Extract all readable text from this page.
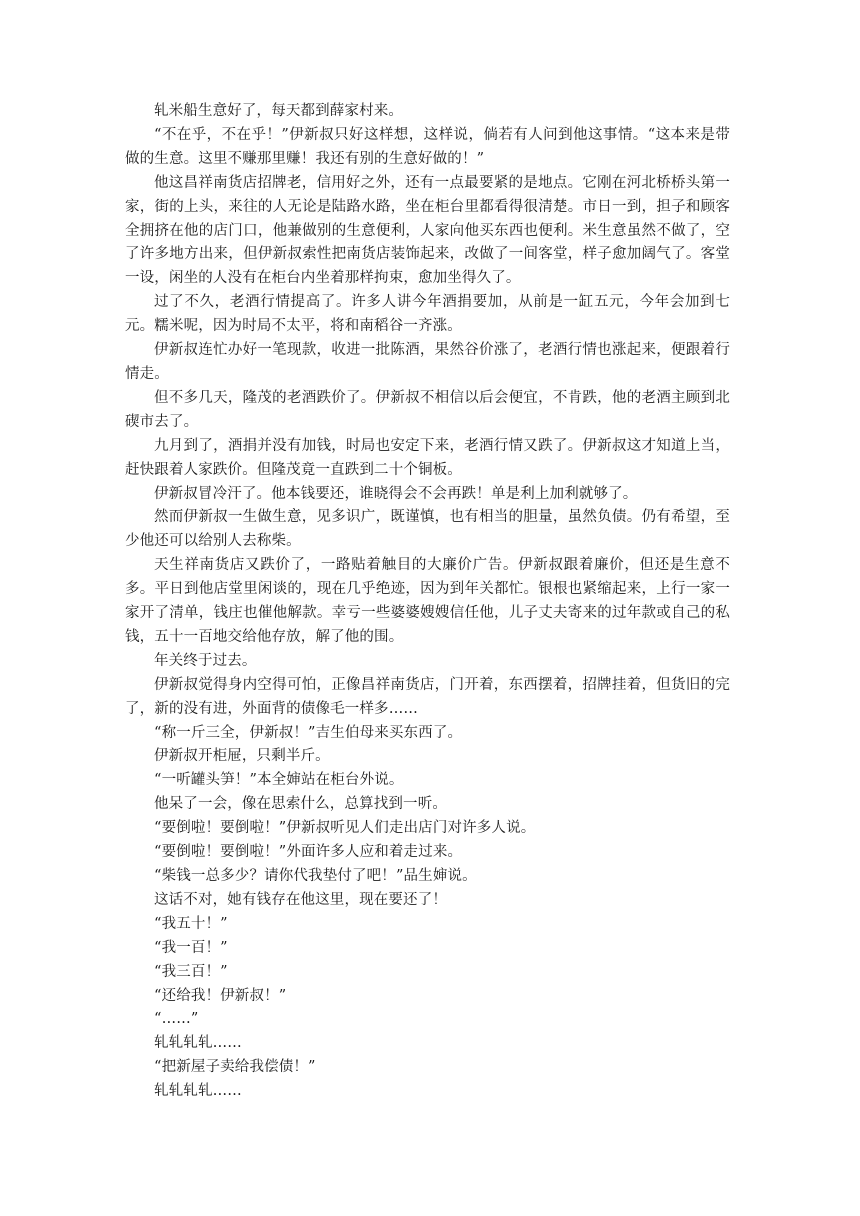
轧米船生意好了，每天都到薛家村来。

“不在乎，不在乎！”伊新叔只好这样想，这样说，倘若有人问到他这事情。“这本来是带做的生意。这里不赚那里赚！我还有别的生意好做的！”

他这昌祥南货店招牌老，信用好之外，还有一点最要紧的是地点。它刚在河北桥桥头第一家，街的上头，来往的人无论是陆路水路，坐在柜台里都看得很清楚。市日一到，担子和顾客全拥挤在他的店门口，他兼做别的生意便利，人家向他买东西也便利。米生意虽然不做了，空了许多地方出来，但伊新叔索性把南货店装饰起来，改做了一间客堂，样子愈加阔气了。客堂一设，闲坐的人没有在柜台内坐着那样拘束，愈加坐得久了。

过了不久，老酒行情提高了。许多人讲今年酒捐要加，从前是一缸五元，今年会加到七元。糯米呢，因为时局不太平，将和南稻谷一齐涨。

伊新叔连忙办好一笔现款，收进一批陈酒，果然谷价涨了，老酒行情也涨起来，便跟着行情走。

但不多几天，隆茂的老酒跌价了。伊新叔不相信以后会便宜，不肯跌，他的老酒主顾到北碶市去了。

九月到了，酒捐并没有加钱，时局也安定下来，老酒行情又跌了。伊新叔这才知道上当，赶快跟着人家跌价。但隆茂竟一直跌到二十个铜板。

伊新叔冒冷汗了。他本钱要还，谁晓得会不会再跌！单是利上加利就够了。

然而伊新叔一生做生意，见多识广，既谨慎，也有相当的胆量，虽然负债。仍有希望，至少他还可以给别人去称柴。

天生祥南货店又跌价了，一路贴着触目的大廉价广告。伊新叔跟着廉价，但还是生意不多。平日到他店堂里闲谈的，现在几乎绝迹，因为到年关都忙。银根也紧缩起来，上行一家一家开了清单，钱庄也催他解款。幸亏一些婆婆嫂嫂信任他，儿子丈夫寄来的过年款或自己的私钱，五十一百地交给他存放，解了他的围。

年关终于过去。

伊新叔觉得身内空得可怕，正像昌祥南货店，门开着，东西摆着，招牌挂着，但货旧的完了，新的没有进，外面背的债像毛一样多……

“称一斤三全，伊新叔！”吉生伯母来买东西了。

伊新叔开柜屉，只剩半斤。

“一听罐头笋！”本全婶站在柜台外说。

他呆了一会，像在思索什么，总算找到一听。

“要倒啦！要倒啦！”伊新叔听见人们走出店门对许多人说。

“要倒啦！要倒啦！”外面许多人应和着走过来。

“柴钱一总多少？请你代我垫付了吧！”品生婶说。

这话不对，她有钱存在他这里，现在要还了！

“我五十！”

“我一百！”

“我三百！”

“还给我！伊新叔！”

“……”

轧轧轧轧……

“把新屋子卖给我偿债！”

轧轧轧轧……
